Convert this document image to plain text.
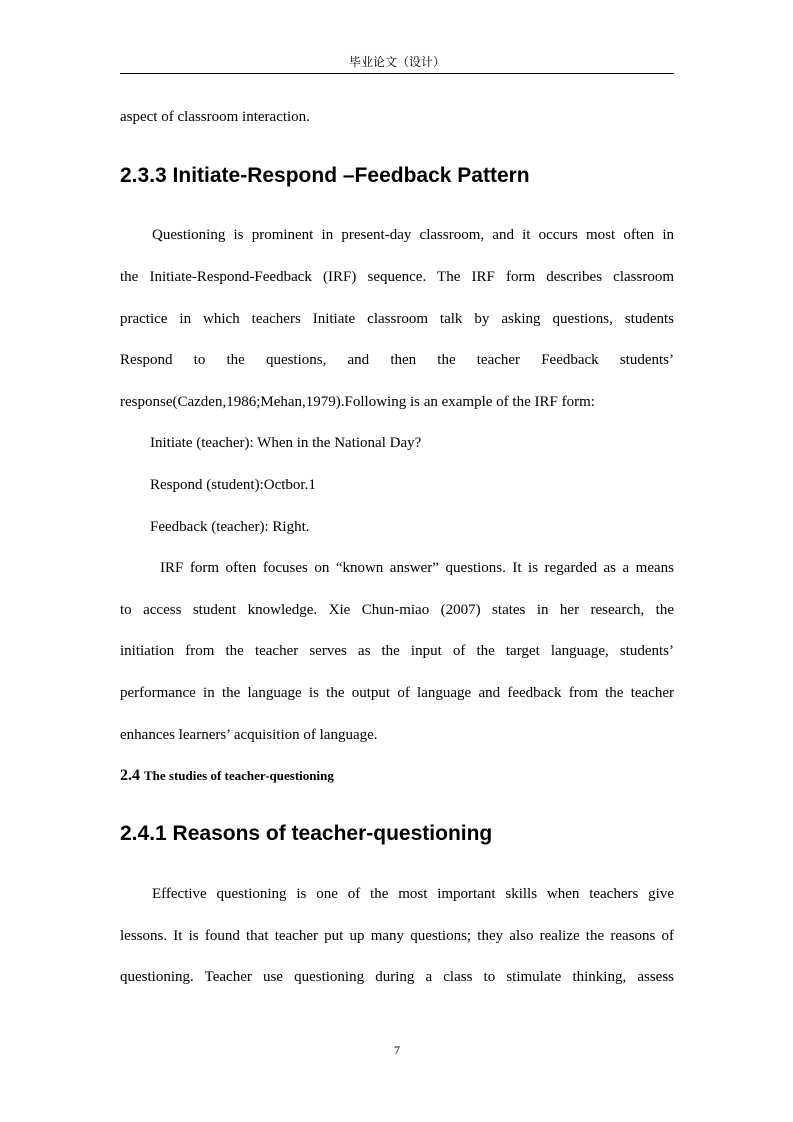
毕业论文（设计）
aspect of classroom interaction.
2.3.3 Initiate-Respond –Feedback Pattern
Questioning is prominent in present-day classroom, and it occurs most often in
the Initiate-Respond-Feedback (IRF) sequence. The IRF form describes classroom
practice in which teachers Initiate classroom talk by asking questions, students
Respond to the questions, and then the teacher Feedback students’
response(Cazden,1986;Mehan,1979).Following is an example of the IRF form:
Initiate (teacher): When in the National Day?
Respond (student):Octbor.1
Feedback (teacher): Right.
IRF form often focuses on “known answer” questions. It is regarded as a means
to access student knowledge. Xie Chun-miao (2007) states in her research, the
initiation from the teacher serves as the input of the target language, students’
performance in the language is the output of language and feedback from the teacher
enhances learners’ acquisition of language.
2.4 The studies of teacher-questioning
2.4.1 Reasons of teacher-questioning
Effective questioning is one of the most important skills when teachers give
lessons. It is found that teacher put up many questions; they also realize the reasons of
questioning. Teacher use questioning during a class to stimulate thinking, assess
7
